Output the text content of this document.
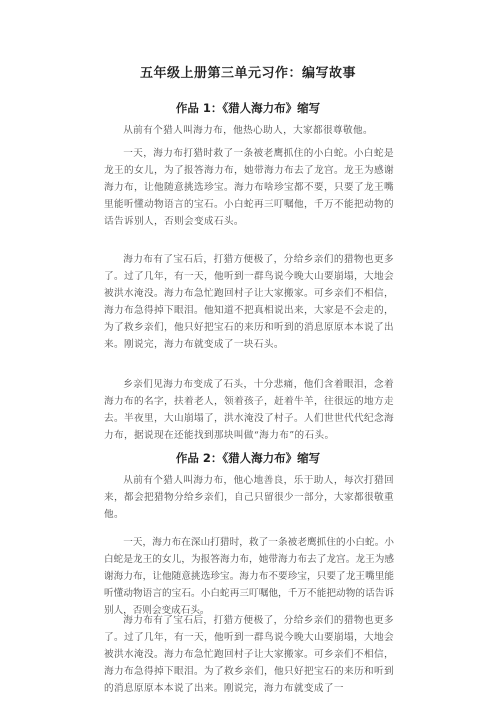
五年级上册第三单元习作：编写故事
作品 1：《猎人海力布》缩写

从前有个猎人叫海力布，他热心助人，大家都很尊敬他。

一天，海力布打猎时救了一条被老鹰抓住的小白蛇。小白蛇是龙王的女儿，为了报答海力布，她带海力布去了龙宫。龙王为感谢海力布，让他随意挑选珍宝。海力布啥珍宝都不要，只要了龙王嘴里能听懂动物语言的宝石。小白蛇再三叮嘱他，千万不能把动物的话告诉别人，否则会变成石头。

海力布有了宝石后，打猎方便极了，分给乡亲们的猎物也更多了。过了几年，有一天，他听到一群鸟说今晚大山要崩塌，大地会被洪水淹没。海力布急忙跑回村子让大家搬家。可乡亲们不相信，海力布急得掉下眼泪。他知道不把真相说出来，大家是不会走的，为了救乡亲们，他只好把宝石的来历和听到的消息原原本本说了出来。刚说完，海力布就变成了一块石头。

乡亲们见海力布变成了石头，十分悲痛，他们含着眼泪，念着海力布的名字，扶着老人，领着孩子，赶着牛羊，往很远的地方走去。半夜里，大山崩塌了，洪水淹没了村子。人们世世代代纪念海力布，据说现在还能找到那块叫做“海力布”的石头。

作品 2：《猎人海力布》缩写

从前有个猎人叫海力布，他心地善良，乐于助人，每次打猎回来，都会把猎物分给乡亲们，自己只留很少一部分，大家都很敬重他。

一天，海力布在深山打猎时，救了一条被老鹰抓住的小白蛇。小白蛇是龙王的女儿，为报答海力布，她带海力布去了龙宫。龙王为感谢海力布，让他随意挑选珍宝。海力布不要珍宝，只要了龙王嘴里能听懂动物语言的宝石。小白蛇再三叮嘱他，千万不能把动物的话告诉别人，否则会变成石头。

海力布有了宝石后，打猎方便极了，分给乡亲们的猎物也更多了。过了几年，有一天，他听到一群鸟说今晚大山要崩塌，大地会被洪水淹没。海力布急忙跑回村子让大家搬家。可乡亲们不相信，海力布急得掉下眼泪。为了救乡亲们，他只好把宝石的来历和听到的消息原原本本说了出来。刚说完，海力布就变成了一
